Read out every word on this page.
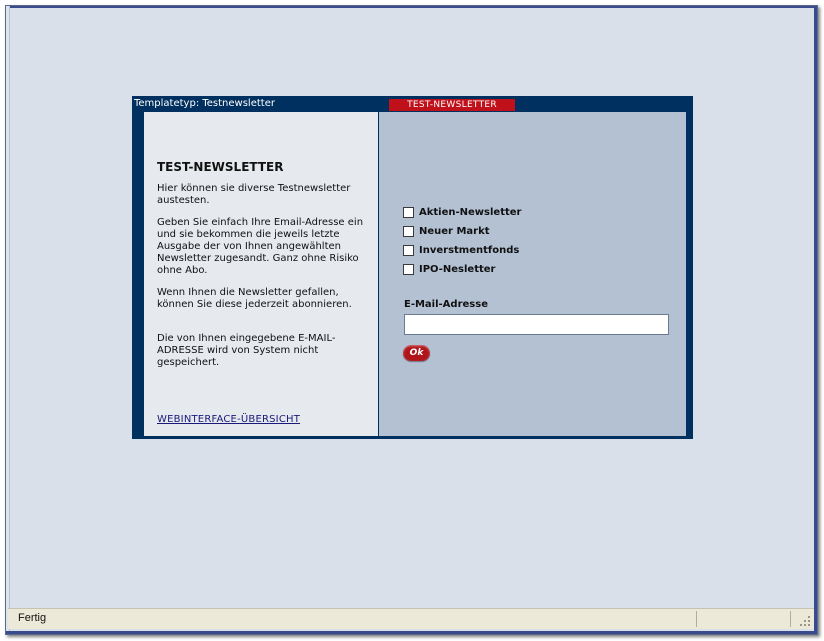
Templatetyp: Testnewsletter	TEST-NEWSLETTER
TEST-NEWSLETTER
Hier können sie diverse Testnewsletter austesten.
Geben Sie einfach Ihre Email-Adresse ein und sie bekommen die jeweils letzte Ausgabe der von Ihnen angewählten Newsletter zugesandt. Ganz ohne Risiko ohne Abo.
Wenn Ihnen die Newsletter gefallen, können Sie diese jederzeit abonnieren.
Die von Ihnen eingegebene E-MAIL-ADRESSE wird von System nicht gespeichert.
WEBINTERFACE-ÜBERSICHT
Aktien-Newsletter
Neuer Markt
Inverstmentfonds
IPO-Nesletter
E-Mail-Adresse
Ok
Fertig
